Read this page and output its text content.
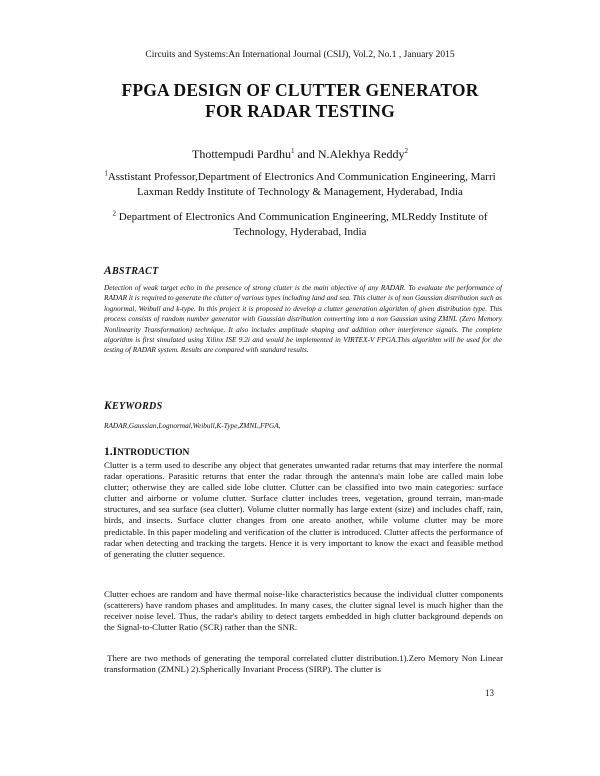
Circuits and Systems:An International Journal (CSIJ), Vol.2, No.1 , January 2015
FPGA DESIGN OF CLUTTER GENERATOR
FOR RADAR TESTING
Thottempudi Pardhu$^1$ and N.Alekhya Reddy$^2$
$^1$Asstistant Professor,Department of Electronics And Communication Engineering, Marri Laxman Reddy Institute of Technology & Management, Hyderabad, India
$^2$ Department of Electronics And Communication Engineering, MLReddy Institute of Technology, Hyderabad, India
ABSTRACT
Detection of weak target echo in the presence of strong clutter is the main objective of any RADAR. To evaluate the performance of RADAR it is required to generate the clutter of various types including land and sea. This clutter is of non Gaussian distribution such as lognormal, Weibull and k-type. In this project it is proposed to develop a clutter generation algorithm of given distribution type. This process consists of random number generator with Gaussian distribution converting into a non Gaussian using ZMNL (Zero Memory Nonlinearity Transformation) technique. It also includes amplitude shaping and addition other interference signals. The complete algorithm is first simulated using Xilinx ISE 9.2i and would be implemented in VIRTEX-V FPGA.This algorithm will be used for the testing of RADAR system. Results are compared with standard results.
KEYWORDS
RADAR,Gaussian,Lognormal,Weibull,K-Type,ZMNL,FPGA,
1.INTRODUCTION
Clutter is a term used to describe any object that generates unwanted radar returns that may interfere the normal radar operations. Parasitic returns that enter the radar through the antenna's main lobe are called main lobe clutter; otherwise they are called side lobe clutter. Clutter can be classified into two main categories: surface clutter and airborne or volume clutter. Surface clutter includes trees, vegetation, ground terrain, man-made structures, and sea surface (sea clutter). Volume clutter normally has large extent (size) and includes chaff, rain, birds, and insects. Surface clutter changes from one areato another, while volume clutter may be more predictable. In this paper modeling and verification of the clutter is introduced. Clutter affects the performance of radar when detecting and tracking the targets. Hence it is very important to know the exact and feasible method of generating the clutter sequence.
Clutter echoes are random and have thermal noise-like characteristics because the individual clutter components (scatterers) have random phases and amplitudes. In many cases, the clutter signal level is much higher than the receiver noise level. Thus, the radar's ability to detect targets embedded in high clutter background depends on the Signal-to-Clutter Ratio (SCR) rather than the SNR.
There are two methods of generating the temporal correlated clutter distribution.1).Zero Memory Non Linear transformation (ZMNL) 2).Spherically Invariant Process (SIRP). The clutter is
13
